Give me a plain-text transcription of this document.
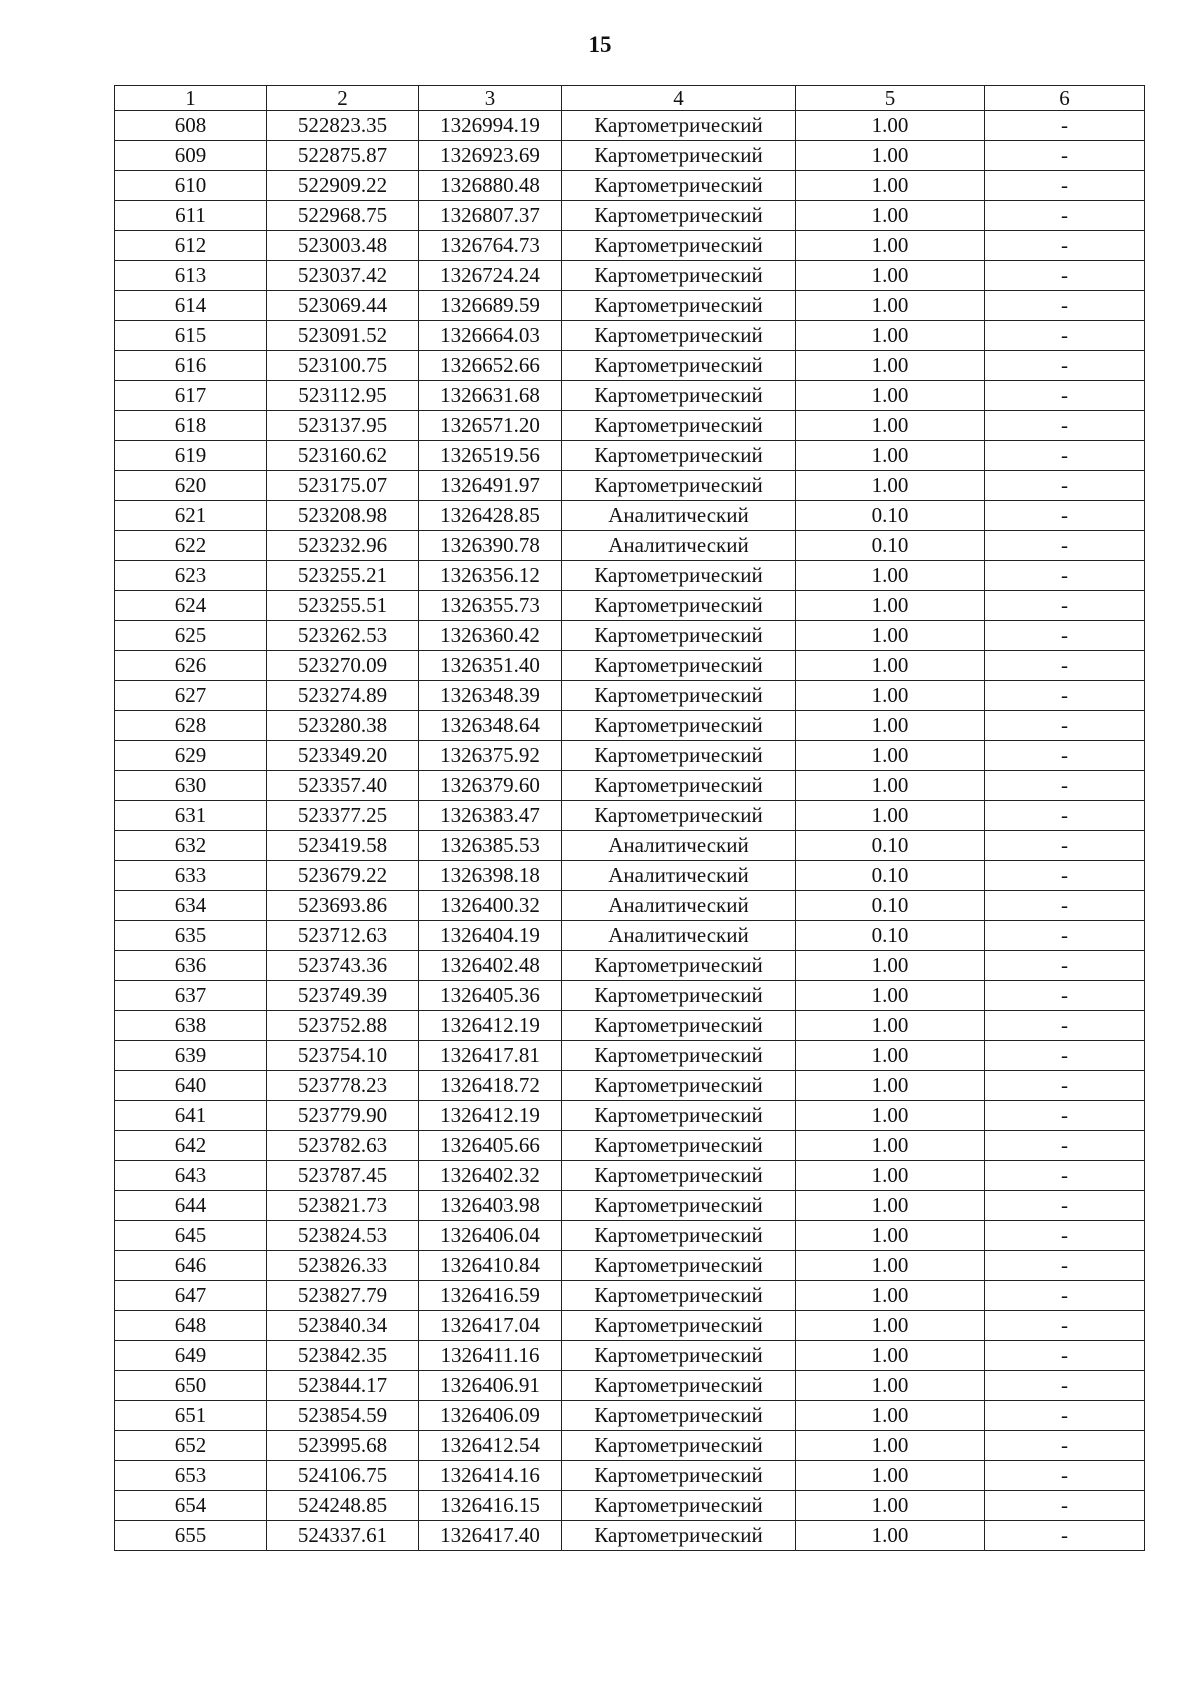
15
1	2	3	4	5	6
608	522823.35	1326994.19	Картометрический	1.00	-
609	522875.87	1326923.69	Картометрический	1.00	-
610	522909.22	1326880.48	Картометрический	1.00	-
611	522968.75	1326807.37	Картометрический	1.00	-
612	523003.48	1326764.73	Картометрический	1.00	-
613	523037.42	1326724.24	Картометрический	1.00	-
614	523069.44	1326689.59	Картометрический	1.00	-
615	523091.52	1326664.03	Картометрический	1.00	-
616	523100.75	1326652.66	Картометрический	1.00	-
617	523112.95	1326631.68	Картометрический	1.00	-
618	523137.95	1326571.20	Картометрический	1.00	-
619	523160.62	1326519.56	Картометрический	1.00	-
620	523175.07	1326491.97	Картометрический	1.00	-
621	523208.98	1326428.85	Аналитический	0.10	-
622	523232.96	1326390.78	Аналитический	0.10	-
623	523255.21	1326356.12	Картометрический	1.00	-
624	523255.51	1326355.73	Картометрический	1.00	-
625	523262.53	1326360.42	Картометрический	1.00	-
626	523270.09	1326351.40	Картометрический	1.00	-
627	523274.89	1326348.39	Картометрический	1.00	-
628	523280.38	1326348.64	Картометрический	1.00	-
629	523349.20	1326375.92	Картометрический	1.00	-
630	523357.40	1326379.60	Картометрический	1.00	-
631	523377.25	1326383.47	Картометрический	1.00	-
632	523419.58	1326385.53	Аналитический	0.10	-
633	523679.22	1326398.18	Аналитический	0.10	-
634	523693.86	1326400.32	Аналитический	0.10	-
635	523712.63	1326404.19	Аналитический	0.10	-
636	523743.36	1326402.48	Картометрический	1.00	-
637	523749.39	1326405.36	Картометрический	1.00	-
638	523752.88	1326412.19	Картометрический	1.00	-
639	523754.10	1326417.81	Картометрический	1.00	-
640	523778.23	1326418.72	Картометрический	1.00	-
641	523779.90	1326412.19	Картометрический	1.00	-
642	523782.63	1326405.66	Картометрический	1.00	-
643	523787.45	1326402.32	Картометрический	1.00	-
644	523821.73	1326403.98	Картометрический	1.00	-
645	523824.53	1326406.04	Картометрический	1.00	-
646	523826.33	1326410.84	Картометрический	1.00	-
647	523827.79	1326416.59	Картометрический	1.00	-
648	523840.34	1326417.04	Картометрический	1.00	-
649	523842.35	1326411.16	Картометрический	1.00	-
650	523844.17	1326406.91	Картометрический	1.00	-
651	523854.59	1326406.09	Картометрический	1.00	-
652	523995.68	1326412.54	Картометрический	1.00	-
653	524106.75	1326414.16	Картометрический	1.00	-
654	524248.85	1326416.15	Картометрический	1.00	-
655	524337.61	1326417.40	Картометрический	1.00	-
